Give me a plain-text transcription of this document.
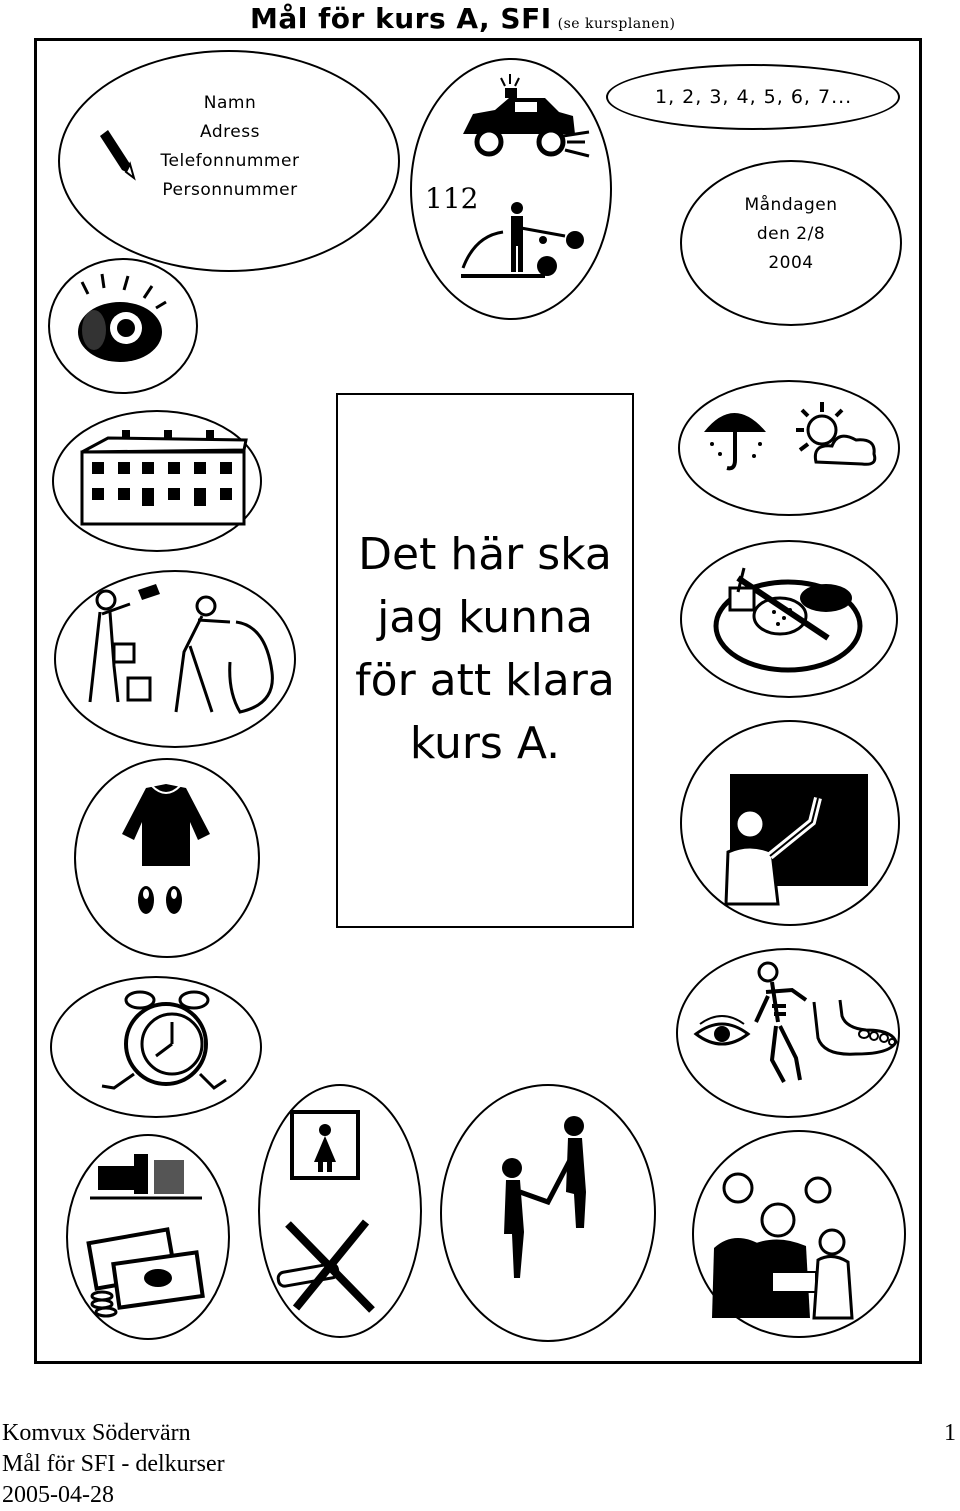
Mål för kurs A, SFI (se kursplanen)
Namn
Adress
Telefonnummer
Personnummer	112
1, 2, 3, 4, 5, 6, 7...
Måndagen
den 2/8
2004
Det här ska
jag kunna
för att klara
kurs A.
Komvux Södervärn
Mål för SFI - delkurser
2005-04-28
1
